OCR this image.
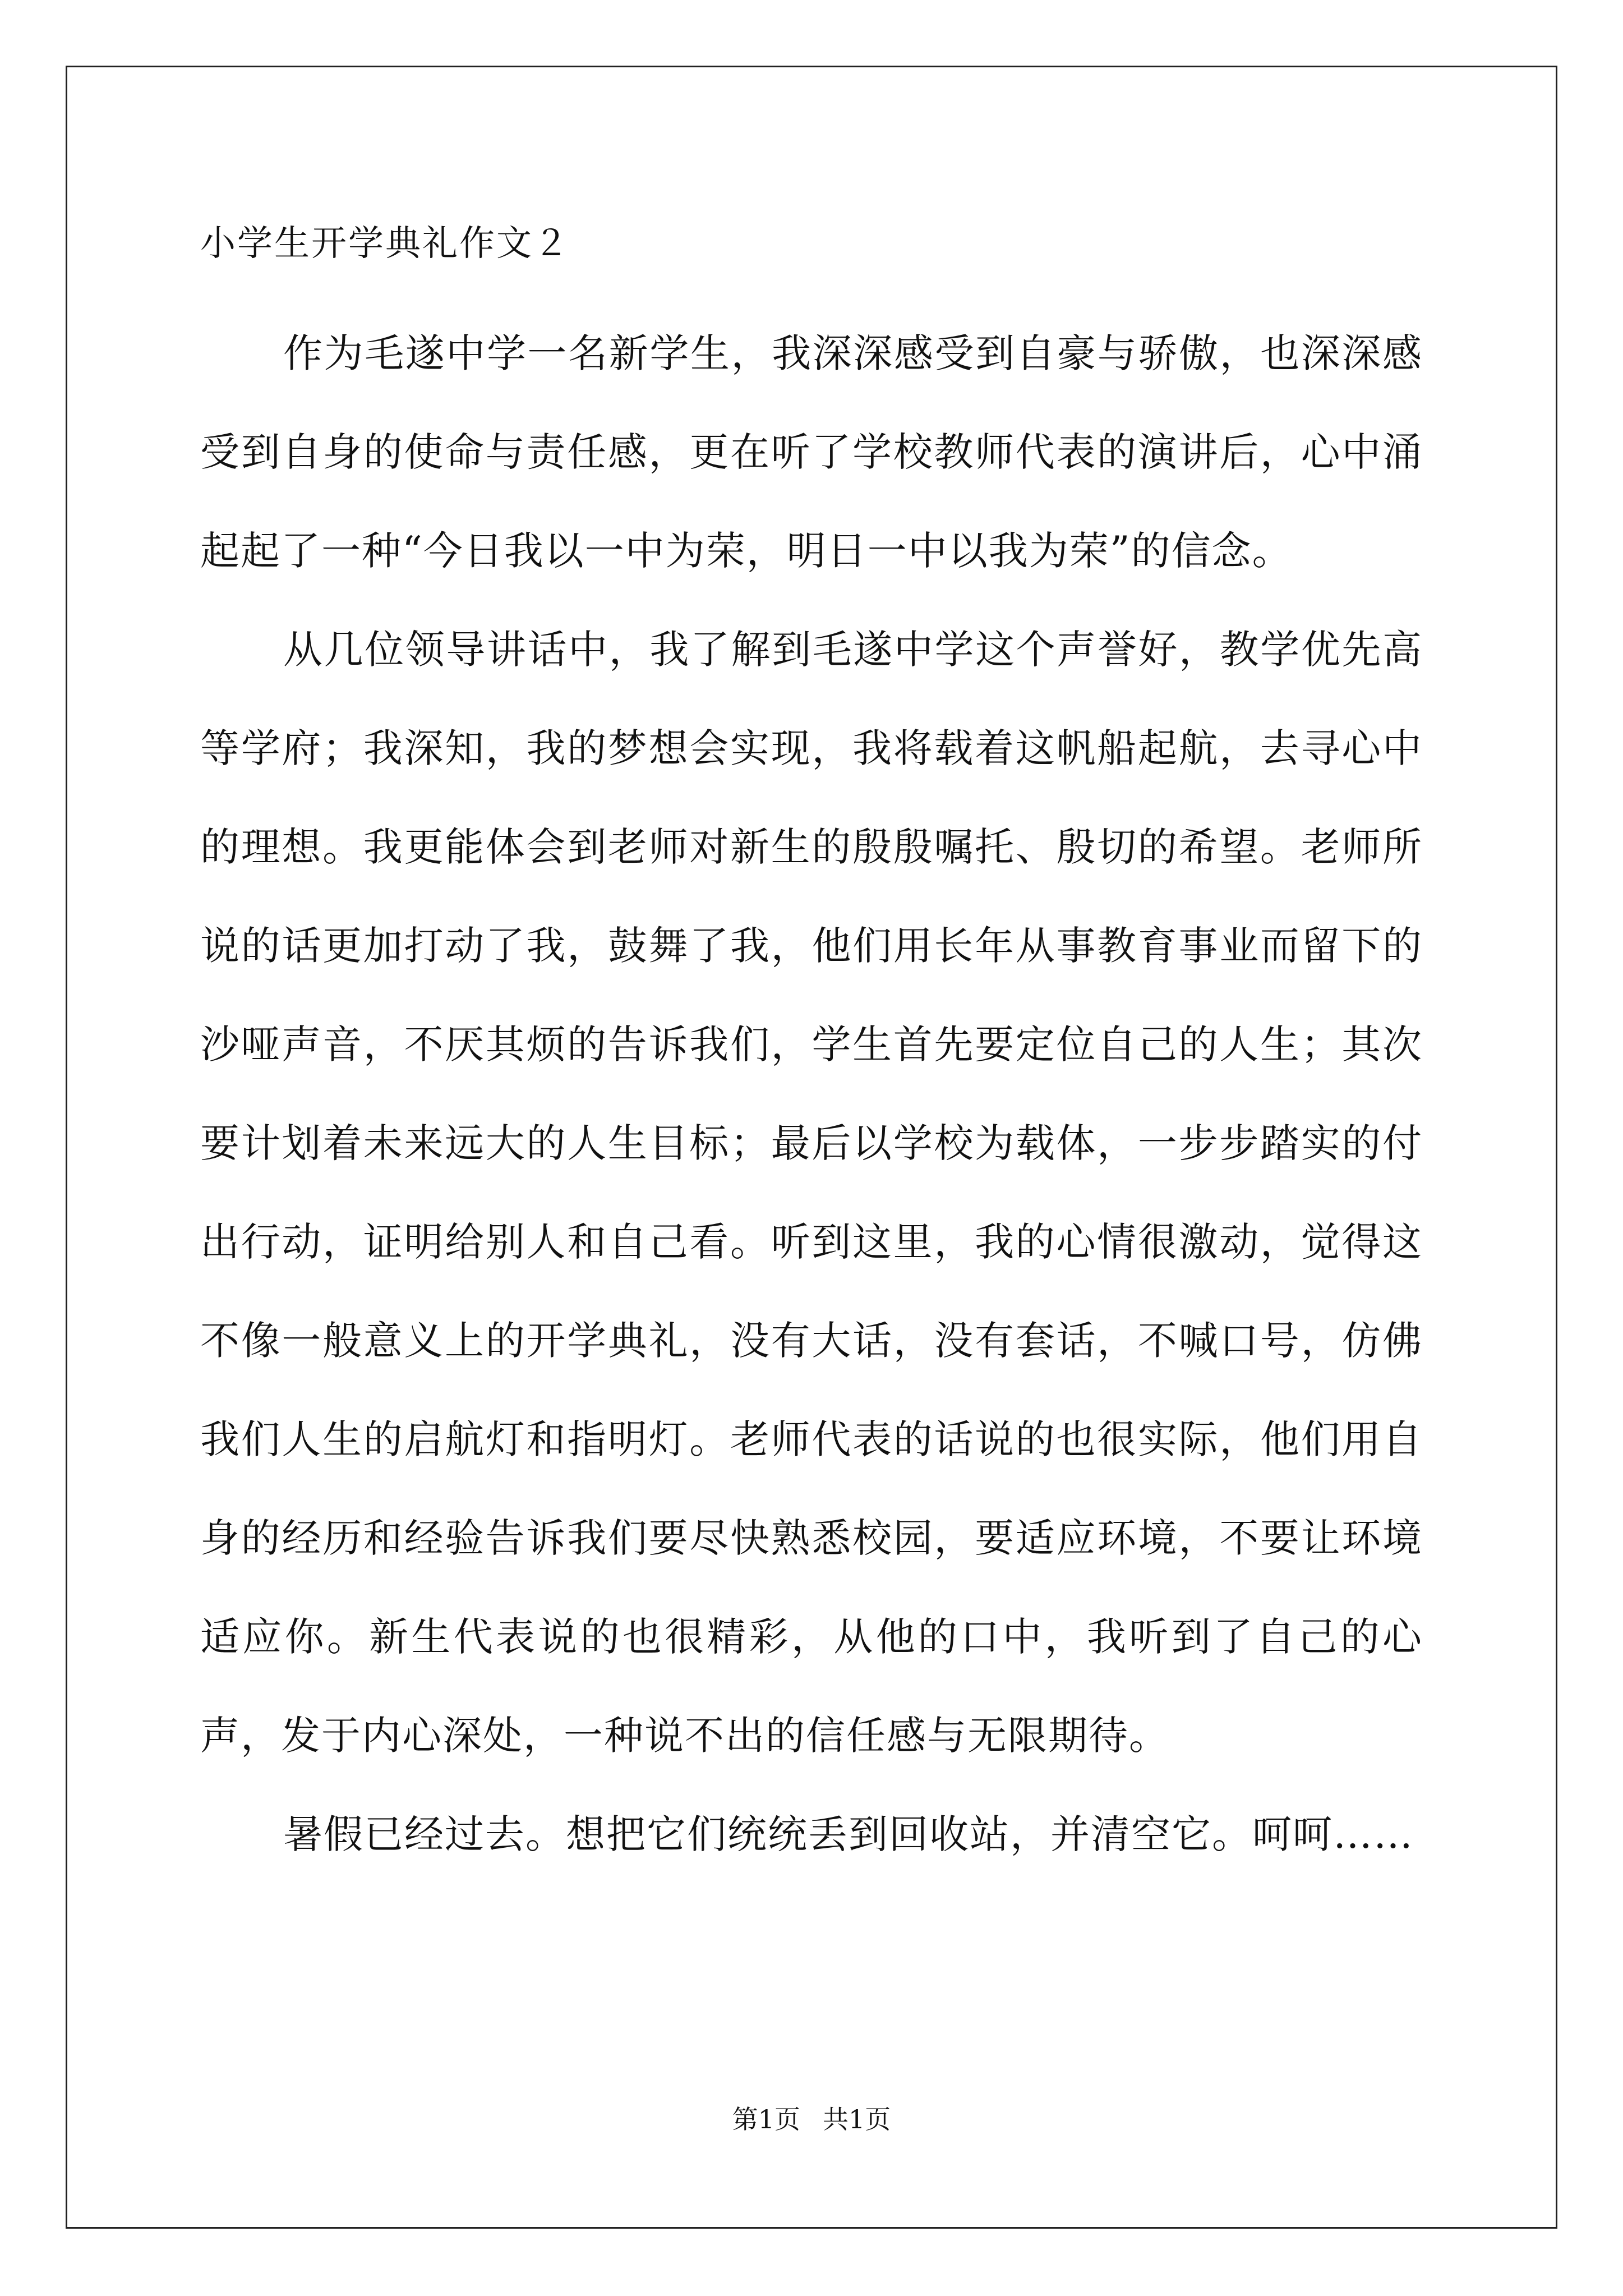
小学生开学典礼作文２

作为毛遂中学一名新学生，我深深感受到自豪与骄傲，也深深感受到自身的使命与责任感，更在听了学校教师代表的演讲后，心中涌起起了一种“今日我以一中为荣，明日一中以我为荣”的信念。

从几位领导讲话中，我了解到毛遂中学这个声誉好，教学优先高等学府；我深知，我的梦想会实现，我将载着这帆船起航，去寻心中的理想。我更能体会到老师对新生的殷殷嘱托、殷切的希望。老师所说的话更加打动了我，鼓舞了我，他们用长年从事教育事业而留下的沙哑声音，不厌其烦的告诉我们，学生首先要定位自己的人生；其次要计划着未来远大的人生目标；最后以学校为载体，一步步踏实的付出行动，证明给别人和自己看。听到这里，我的心情很激动，觉得这不像一般意义上的开学典礼，没有大话，没有套话，不喊口号，仿佛我们人生的启航灯和指明灯。老师代表的话说的也很实际，他们用自身的经历和经验告诉我们要尽快熟悉校园，要适应环境，不要让环境适应你。新生代表说的也很精彩，从他的口中，我听到了自己的心声，发于内心深处，一种说不出的信任感与无限期待。

暑假已经过去。想把它们统统丢到回收站，并清空它。呵呵……

第1页 共1页
